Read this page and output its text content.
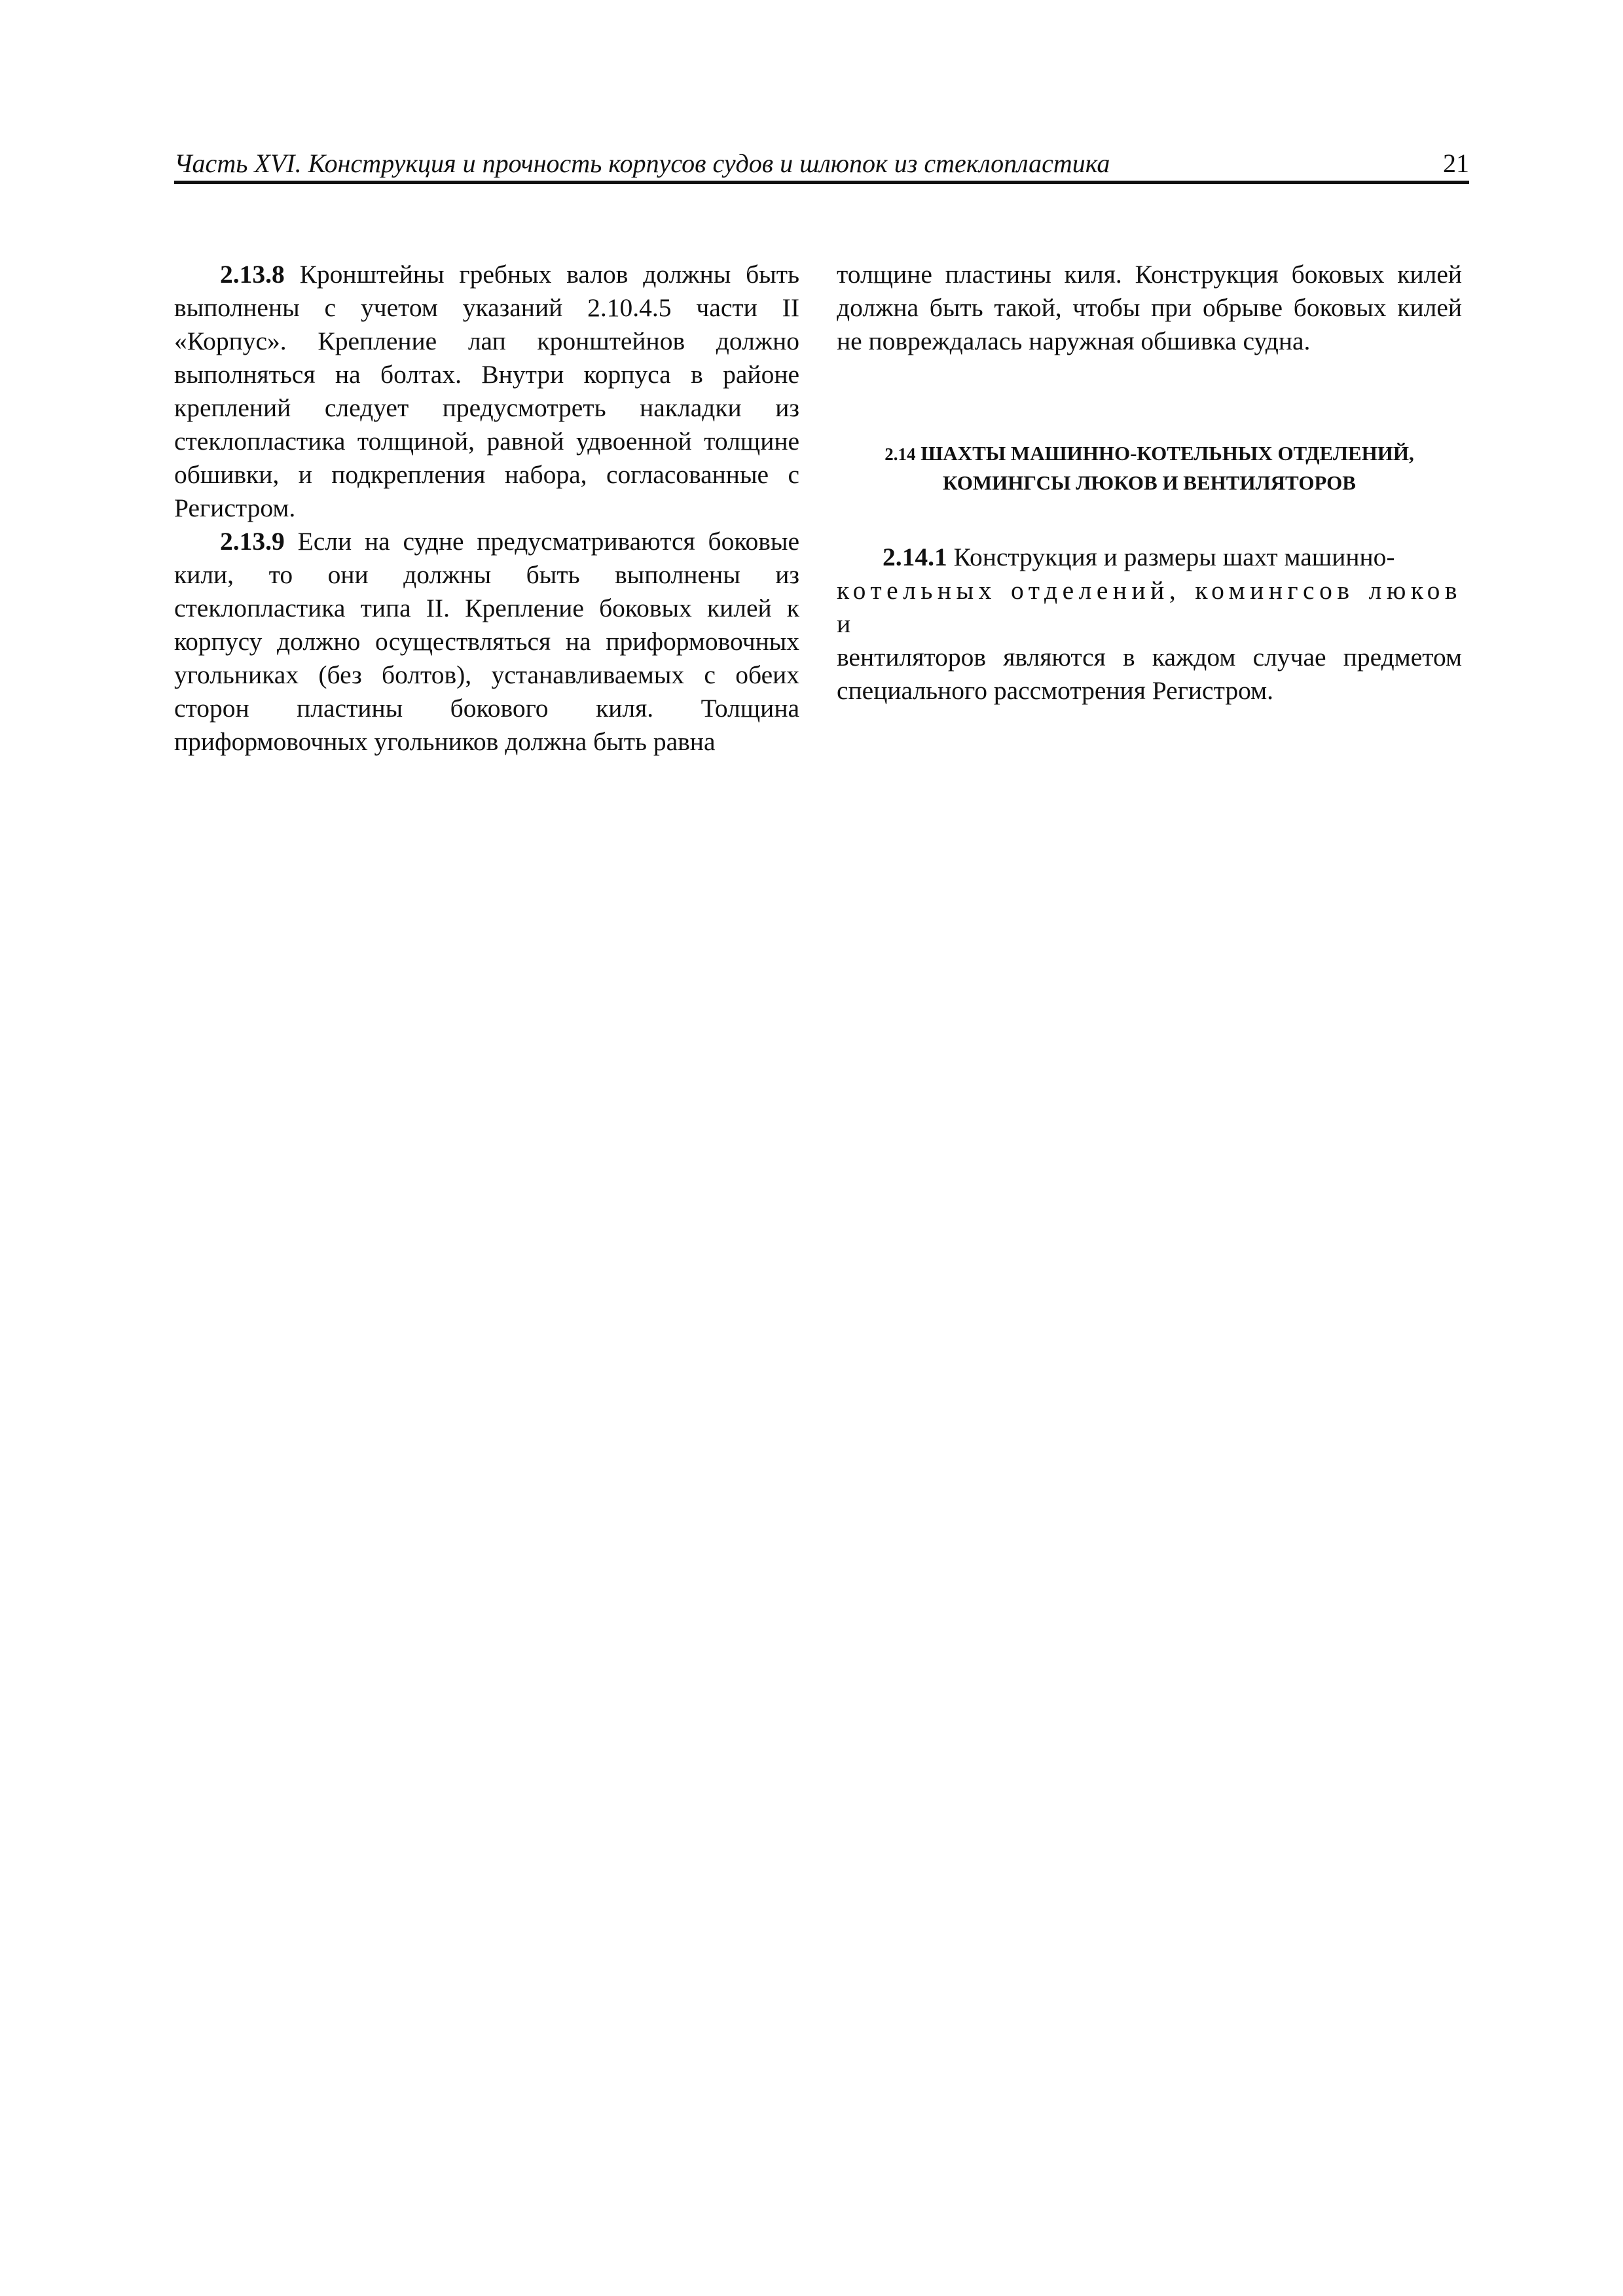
Часть XVI. Конструкция и прочность корпусов судов и шлюпок из стеклопластика	21

2.13.8 Кронштейны гребных валов должны быть выполнены с учетом указаний 2.10.4.5 части II «Корпус». Крепление лап кронштейнов должно выполняться на болтах. Внутри корпуса в районе креплений следует предусмотреть накладки из стеклопластика толщиной, равной удвоенной толщине обшивки, и подкрепления набора, согласованные с Регистром.

2.13.9 Если на судне предусматриваются боковые кили, то они должны быть выполнены из стеклопластика типа II. Крепление боковых килей к корпусу должно осуществляться на приформовочных угольниках (без болтов), устанавливаемых с обеих сторон пластины бокового киля. Толщина приформовочных угольников должна быть равна

толщине пластины киля. Конструкция боковых килей должна быть такой, чтобы при обрыве боковых килей не повреждалась наружная обшивка судна.

2.14 ШАХТЫ МАШИННО-КОТЕЛЬНЫХ ОТДЕЛЕНИЙ,
КОМИНГСЫ ЛЮКОВ И ВЕНТИЛЯТОРОВ

2.14.1 Конструкция и размеры шахт машинно-
котельных отделений, комингсов люков и
вентиляторов являются в каждом случае предметом специального рассмотрения Регистром.
